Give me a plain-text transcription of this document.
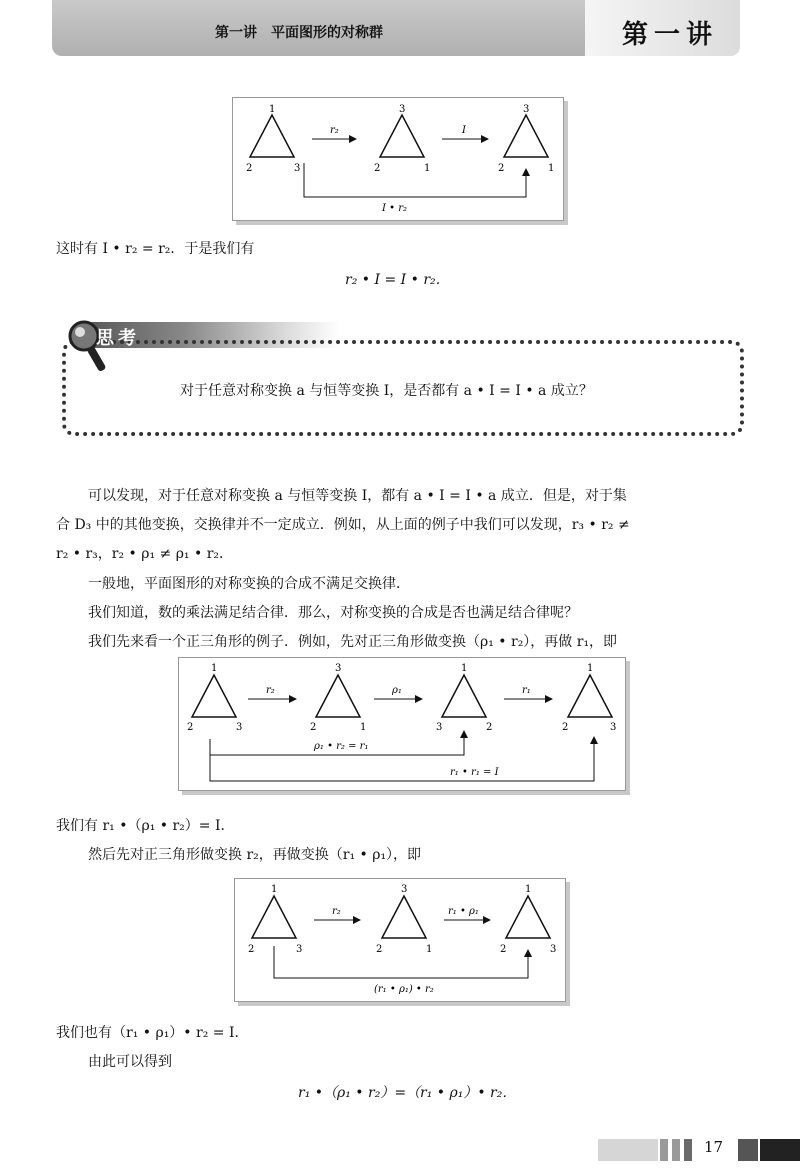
第一讲　平面图形的对称群	第一讲
1
2	3
r₂
3
2	1
I
3
2	1
I • r₂
这时有 I • r₂ = r₂．于是我们有
r₂ • I = I • r₂．
思考
对于任意对称变换 a 与恒等变换 I，是否都有 a • I = I • a 成立？
可以发现，对于任意对称变换 a 与恒等变换 I，都有 a • I = I • a 成立．但是，对于集
合 D₃ 中的其他变换，交换律并不一定成立．例如，从上面的例子中我们可以发现，r₃ • r₂ ≠
r₂ • r₃，r₂ • ρ₁ ≠ ρ₁ • r₂．
一般地，平面图形的对称变换的合成不满足交换律．
我们知道，数的乘法满足结合律．那么，对称变换的合成是否也满足结合律呢？
我们先来看一个正三角形的例子．例如，先对正三角形做变换（ρ₁ • r₂），再做 r₁，即
1
2	3
r₂
3
2	1
ρ₁
1
3	2
r₁
1
2	3
ρ₁ • r₂ = r₁
r₁ • r₁ = I
我们有 r₁ •（ρ₁ • r₂）= I．
然后先对正三角形做变换 r₂，再做变换（r₁ • ρ₁），即
1
2	3
r₂
3
2	1
r₁ • ρ₁
1
2	3
(r₁ • ρ₁) • r₂
我们也有（r₁ • ρ₁）• r₂ = I．
由此可以得到
r₁ •（ρ₁ • r₂）=（r₁ • ρ₁）• r₂．
17
